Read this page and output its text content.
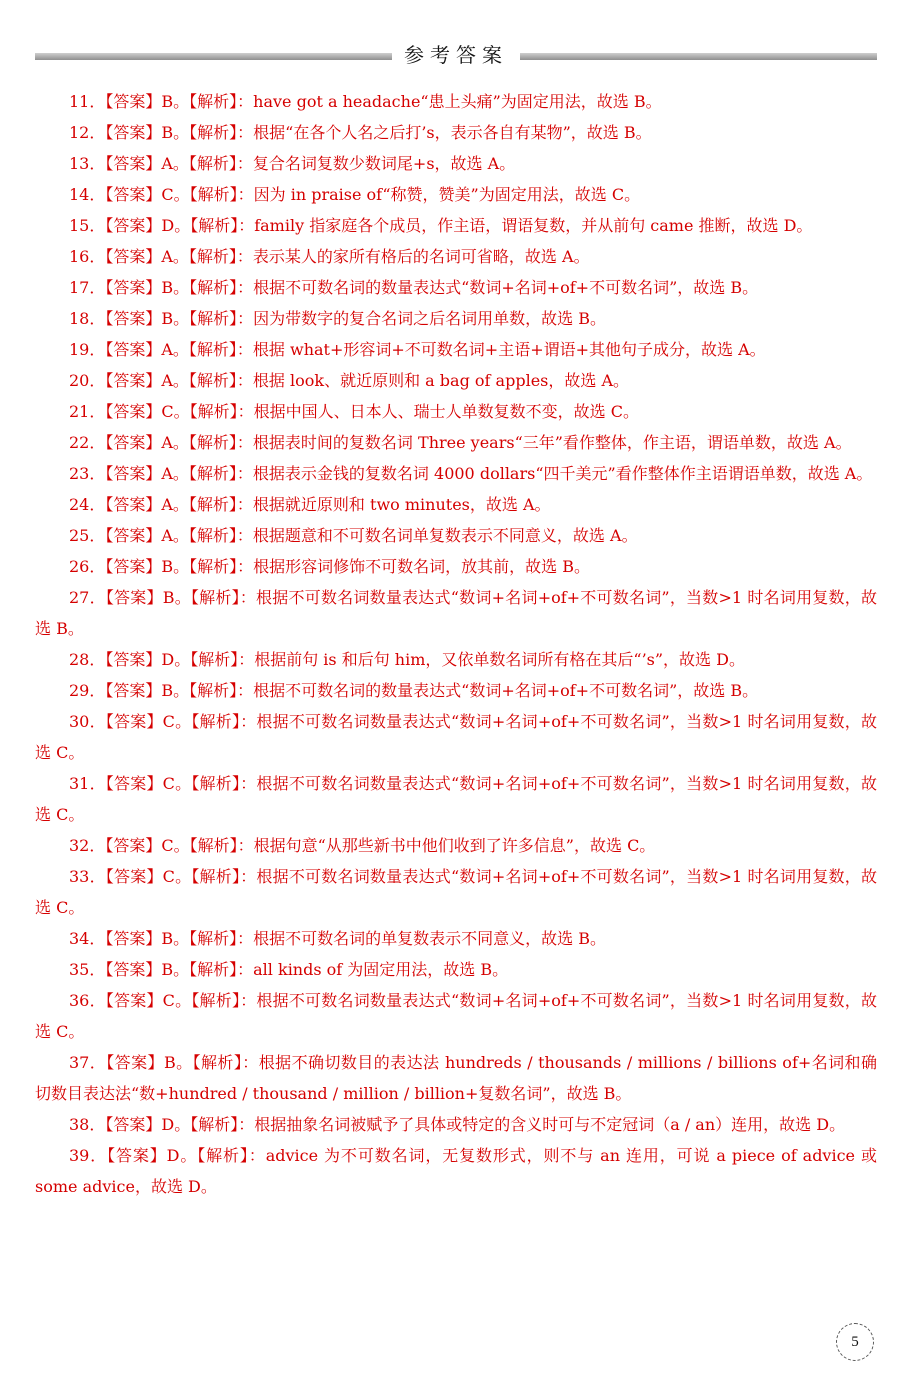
参考答案

11．【答案】B。【解析】：have got a headache“患上头痛”为固定用法，故选 B。

12．【答案】B。【解析】：根据“在各个人名之后打’s，表示各自有某物”，故选 B。

13．【答案】A。【解析】：复合名词复数少数词尾+s，故选 A。

14．【答案】C。【解析】：因为 in praise of“称赞，赞美”为固定用法，故选 C。

15．【答案】D。【解析】：family 指家庭各个成员，作主语，谓语复数，并从前句 came 推断，故选 D。

16．【答案】A。【解析】：表示某人的家所有格后的名词可省略，故选 A。

17．【答案】B。【解析】：根据不可数名词的数量表达式“数词+名词+of+不可数名词”，故选 B。

18．【答案】B。【解析】：因为带数字的复合名词之后名词用单数，故选 B。

19．【答案】A。【解析】：根据 what+形容词+不可数名词+主语+谓语+其他句子成分，故选 A。

20．【答案】A。【解析】：根据 look、就近原则和 a bag of apples，故选 A。

21．【答案】C。【解析】：根据中国人、日本人、瑞士人单数复数不变，故选 C。

22．【答案】A。【解析】：根据表时间的复数名词 Three years“三年”看作整体，作主语，谓语单数，故选 A。

23．【答案】A。【解析】：根据表示金钱的复数名词 4000 dollars“四千美元”看作整体作主语谓语单数，故选 A。

24．【答案】A。【解析】：根据就近原则和 two minutes，故选 A。

25．【答案】A。【解析】：根据题意和不可数名词单复数表示不同意义，故选 A。

26．【答案】B。【解析】：根据形容词修饰不可数名词，放其前，故选 B。

27．【答案】B。【解析】：根据不可数名词数量表达式“数词+名词+of+不可数名词”，当数>1 时名词用复数，故选 B。

28．【答案】D。【解析】：根据前句 is 和后句 him，又依单数名词所有格在其后“’s”，故选 D。

29．【答案】B。【解析】：根据不可数名词的数量表达式“数词+名词+of+不可数名词”，故选 B。

30．【答案】C。【解析】：根据不可数名词数量表达式“数词+名词+of+不可数名词”，当数>1 时名词用复数，故选 C。

31．【答案】C。【解析】：根据不可数名词数量表达式“数词+名词+of+不可数名词”，当数>1 时名词用复数，故选 C。

32．【答案】C。【解析】：根据句意“从那些新书中他们收到了许多信息”，故选 C。

33．【答案】C。【解析】：根据不可数名词数量表达式“数词+名词+of+不可数名词”，当数>1 时名词用复数，故选 C。

34．【答案】B。【解析】：根据不可数名词的单复数表示不同意义，故选 B。

35．【答案】B。【解析】：all kinds of 为固定用法，故选 B。

36．【答案】C。【解析】：根据不可数名词数量表达式“数词+名词+of+不可数名词”，当数>1 时名词用复数，故选 C。

37．【答案】B。【解析】：根据不确切数目的表达法 hundreds / thousands / millions / billions of+名词和确切数目表达法“数+hundred / thousand / million / billion+复数名词”，故选 B。

38．【答案】D。【解析】：根据抽象名词被赋予了具体或特定的含义时可与不定冠词（a / an）连用，故选 D。

39．【答案】D。【解析】：advice 为不可数名词，无复数形式，则不与 an 连用，可说 a piece of advice 或 some advice，故选 D。

5
